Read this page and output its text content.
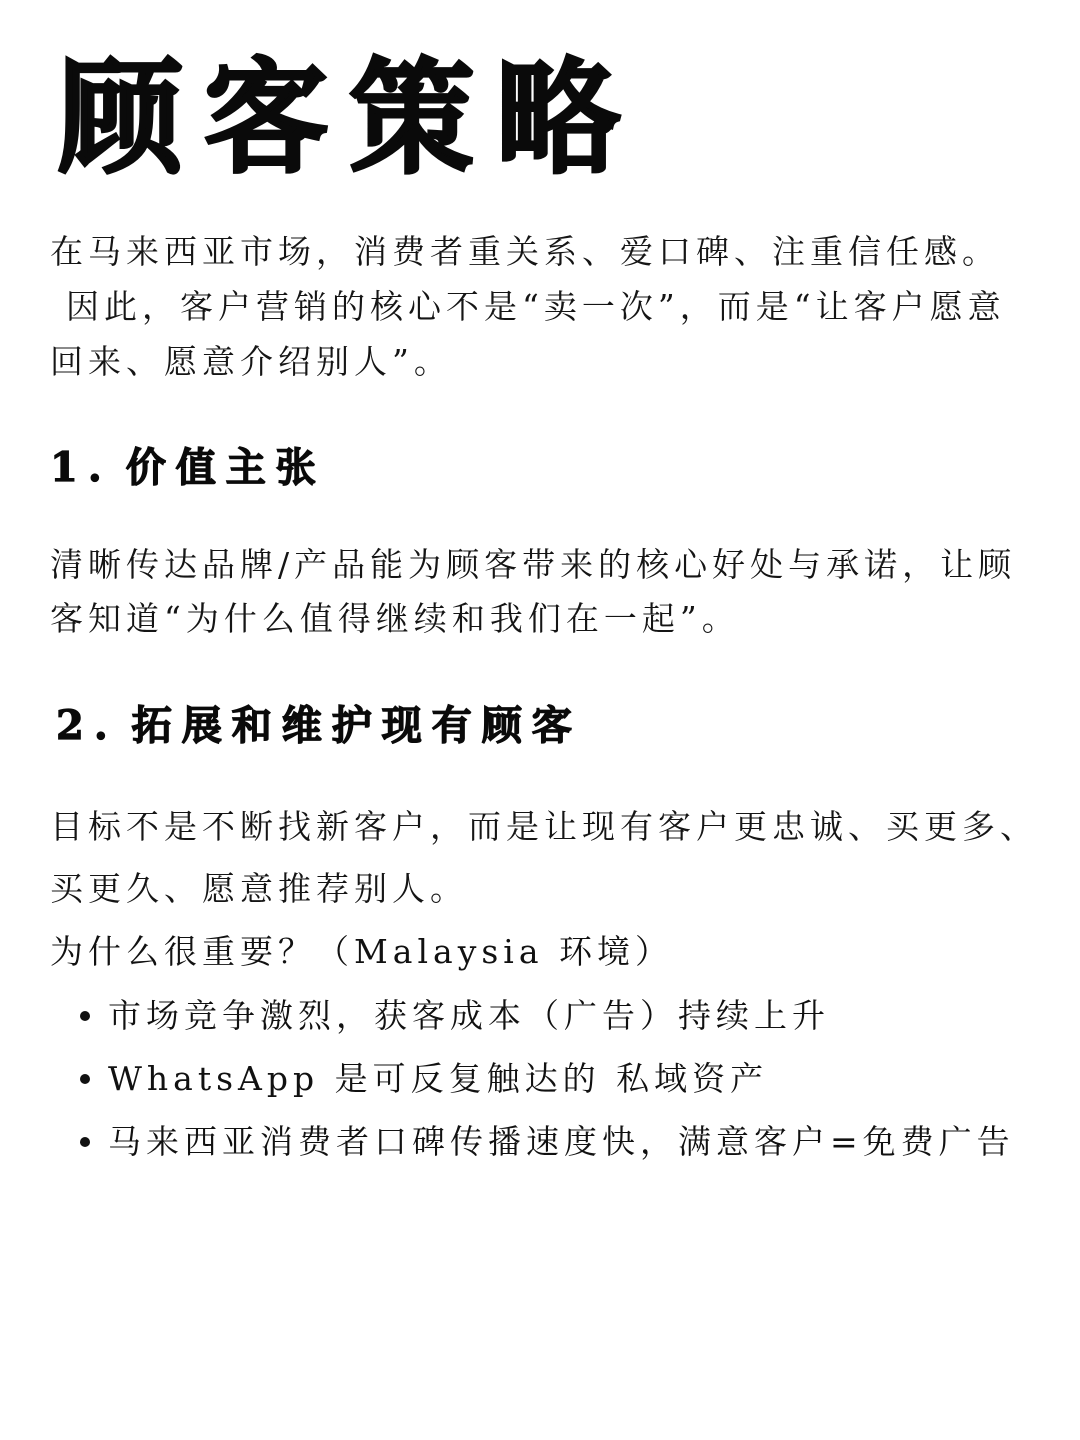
顾客策略

在马来西亚市场，消费者重关系、爱口碑、注重信任感。

因此，客户营销的核心不是“卖一次”，而是“让客户愿意

回来、愿意介绍别人”。

1. 价值主张

清晰传达品牌/产品能为顾客带来的核心好处与承诺，让顾

客知道“为什么值得继续和我们在一起”。

2. 拓展和维护现有顾客

目标不是不断找新客户，而是让现有客户更忠诚、买更多、

买更久、愿意推荐别人。

为什么很重要？（Malaysia 环境）

市场竞争激烈，获客成本（广告）持续上升
WhatsApp 是可反复触达的 私域资产
马来西亚消费者口碑传播速度快，满意客户=免费广告
